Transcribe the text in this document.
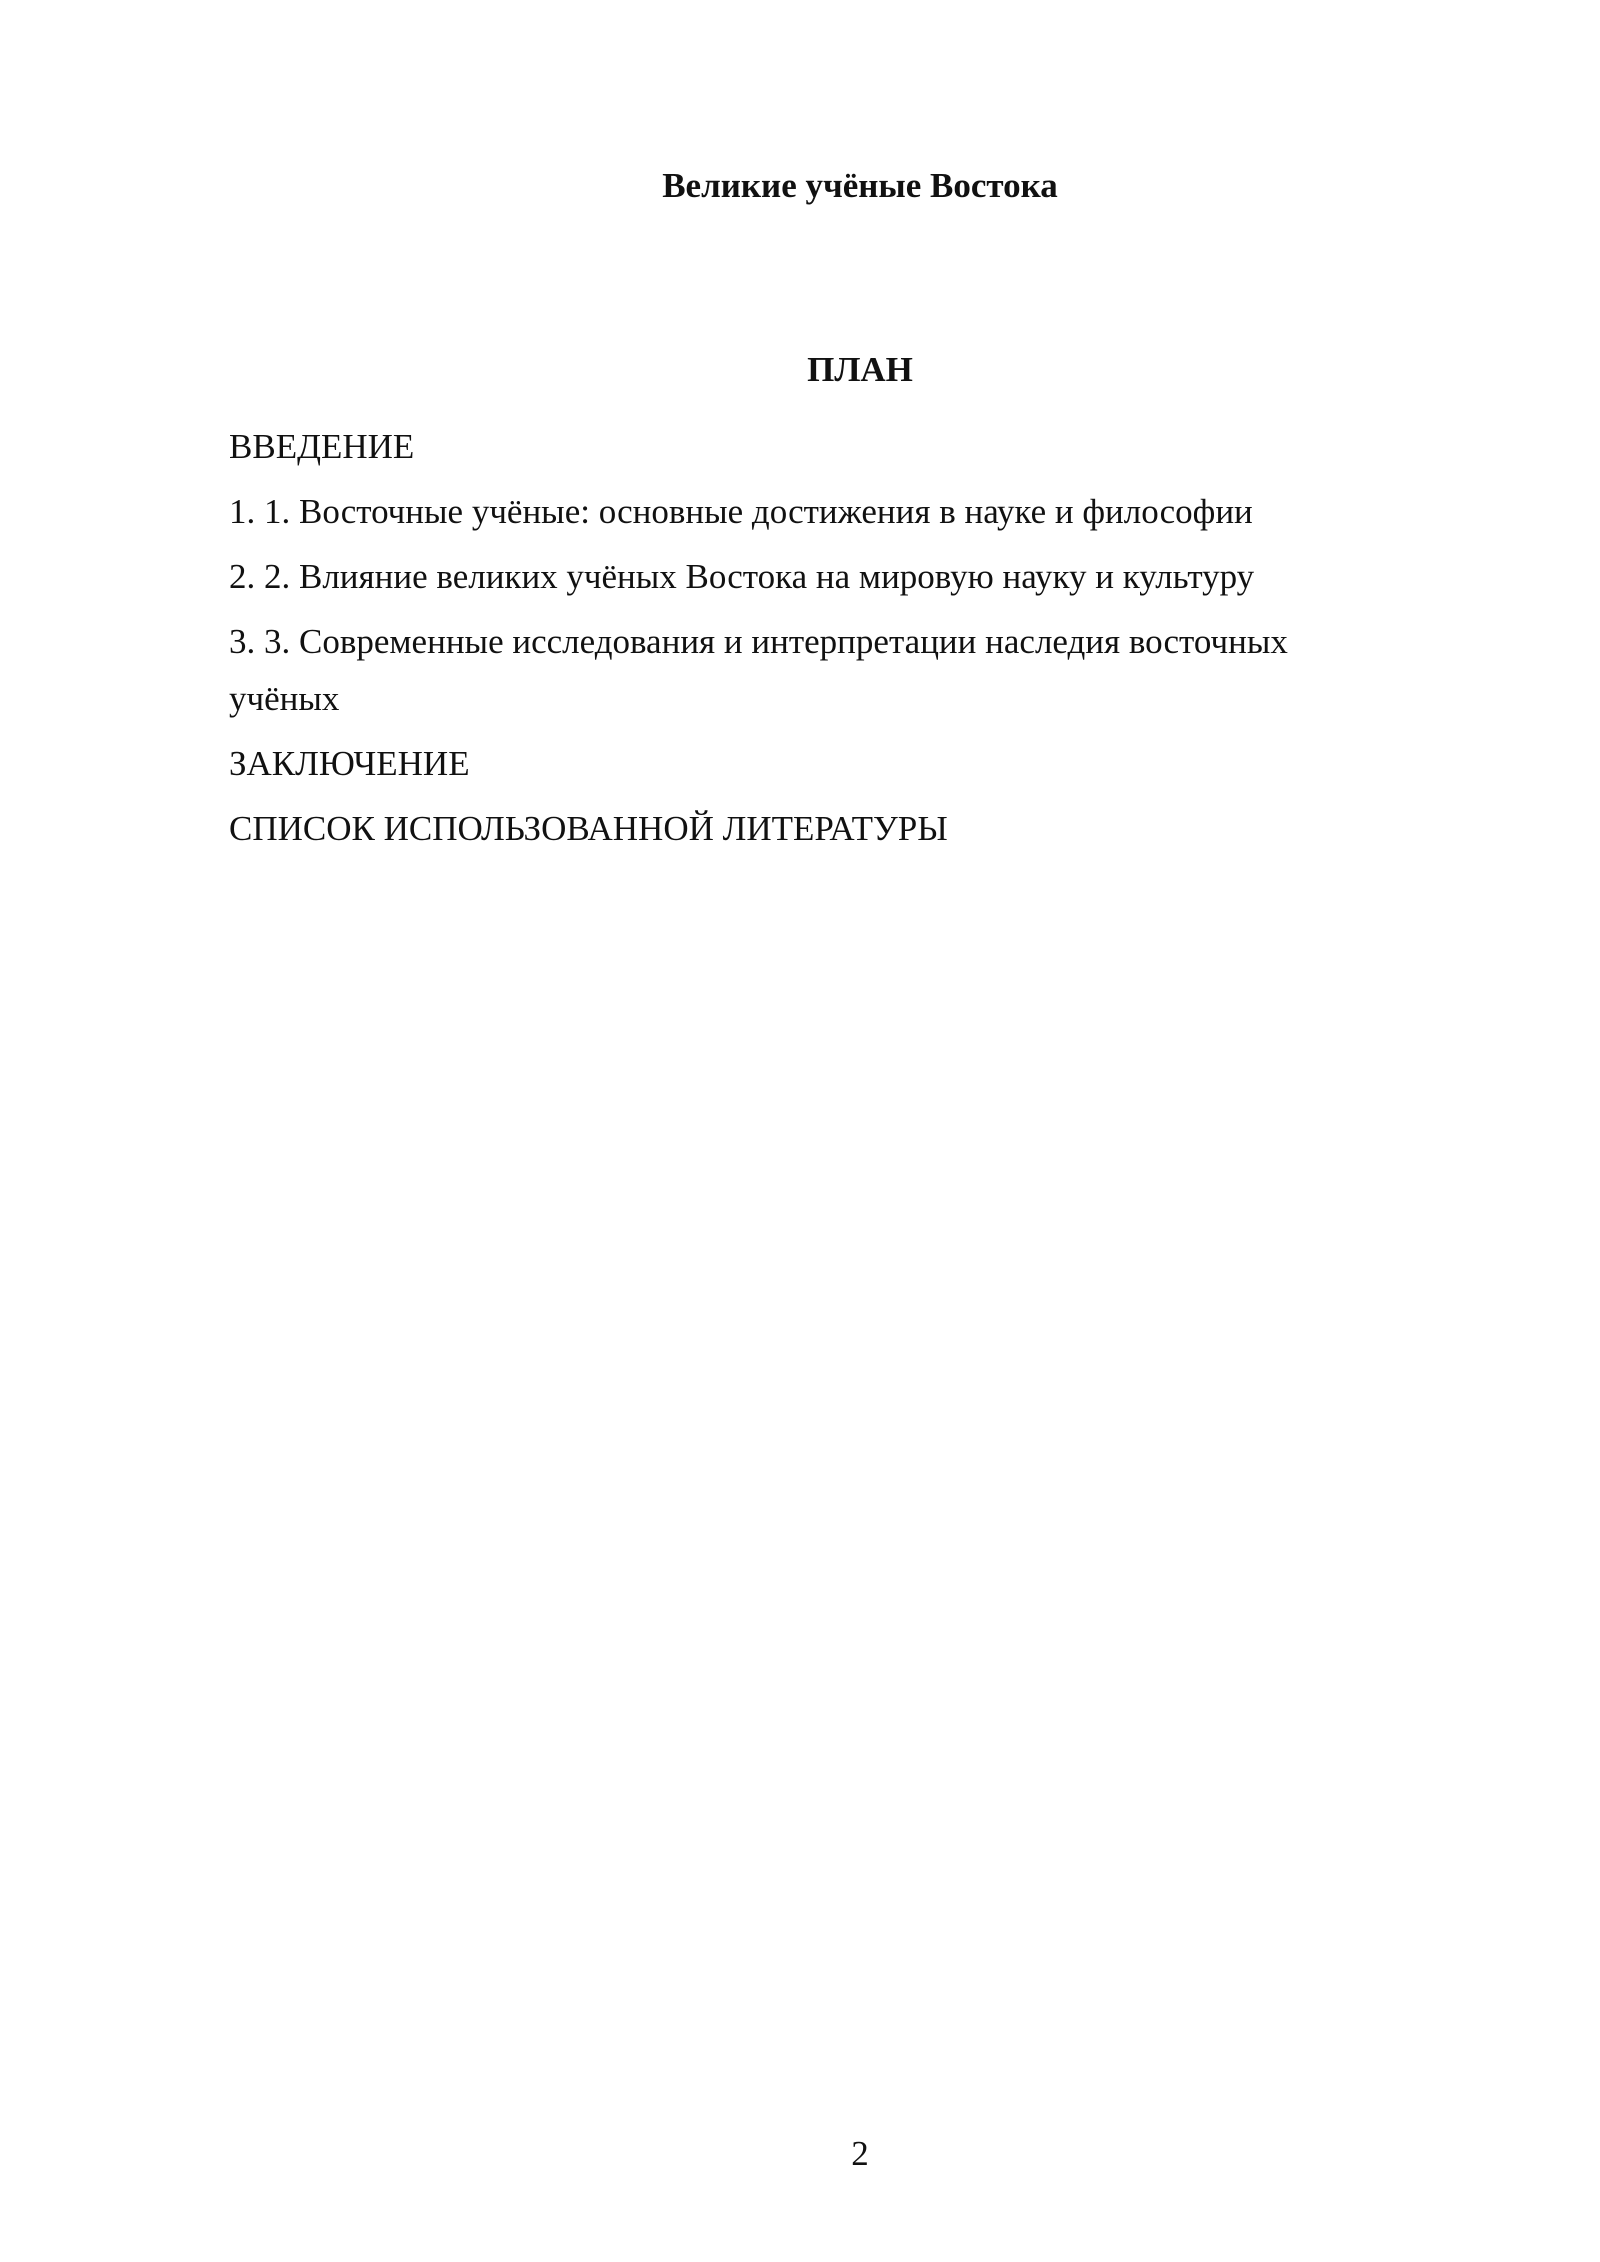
Великие учёные Востока
ПЛАН
ВВЕДЕНИЕ
1. 1. Восточные учёные: основные достижения в науке и философии
2. 2. Влияние великих учёных Востока на мировую науку и культуру
3. 3. Современные исследования и интерпретации наследия восточных учёных
ЗАКЛЮЧЕНИЕ
СПИСОК ИСПОЛЬЗОВАННОЙ ЛИТЕРАТУРЫ
2
